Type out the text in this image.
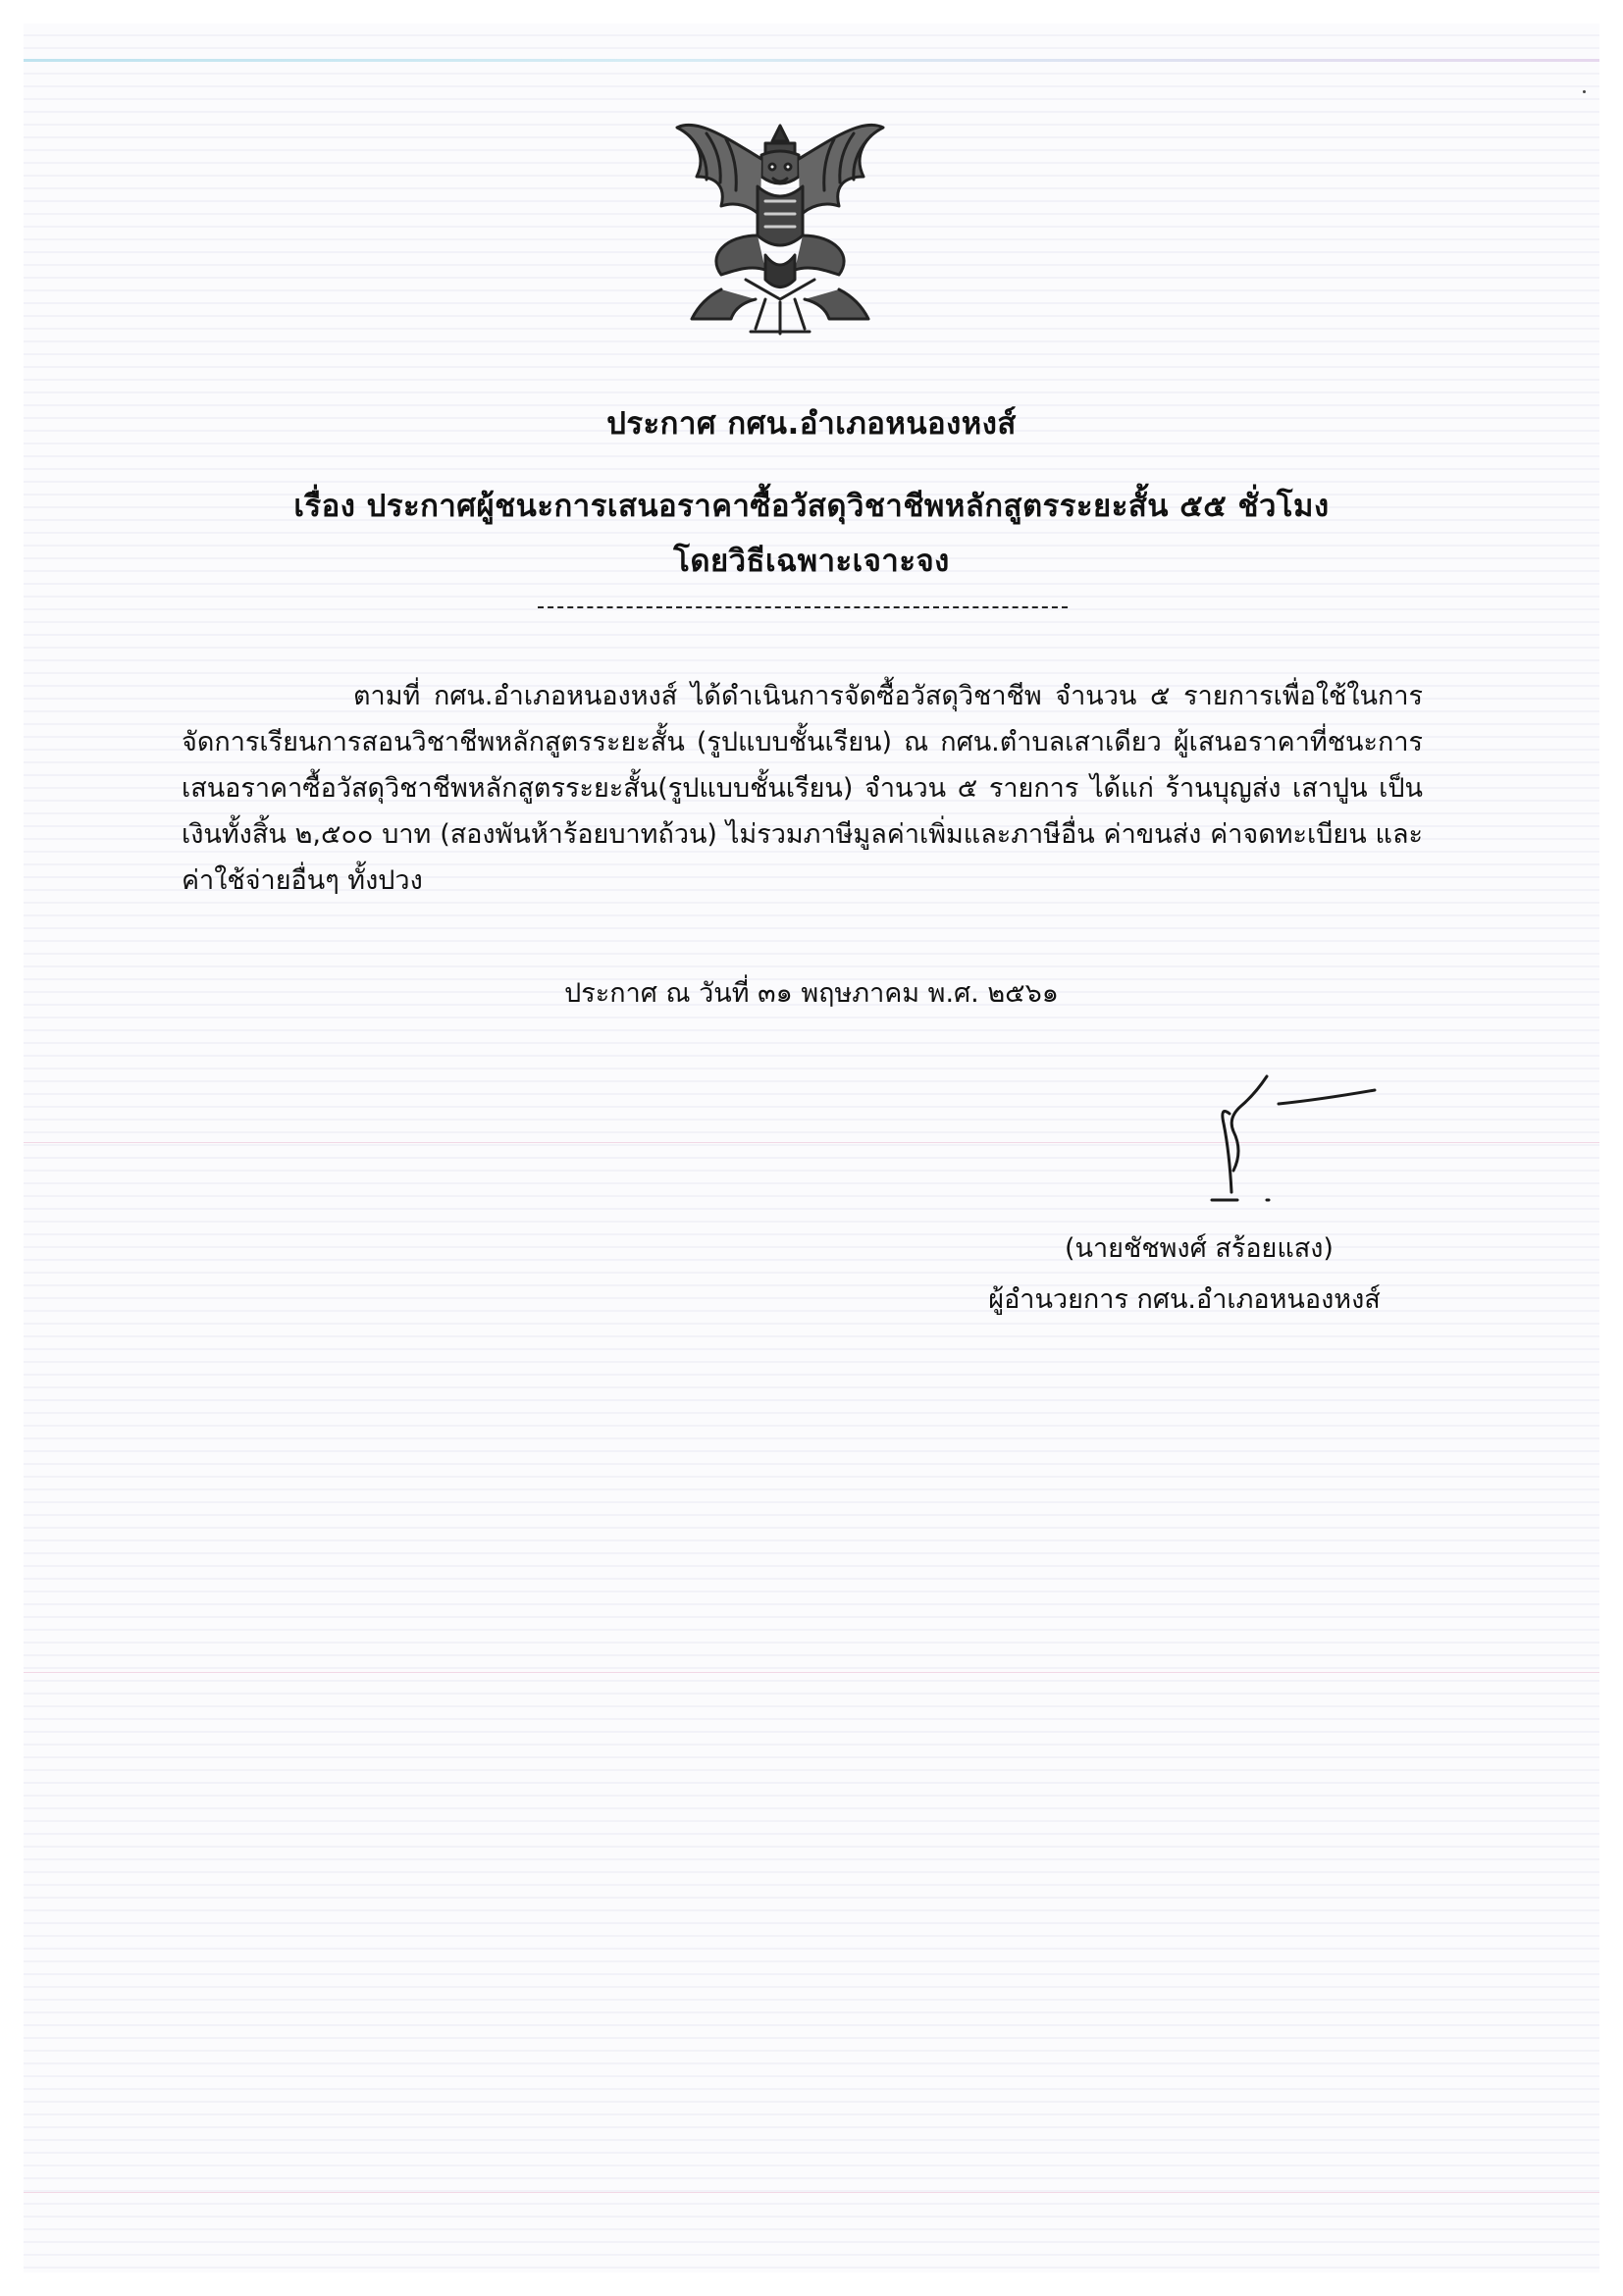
ประกาศ กศน.อำเภอหนองหงส์
เรื่อง ประกาศผู้ชนะการเสนอราคาซื้อวัสดุวิชาชีพหลักสูตรระยะสั้น ๕๕ ชั่วโมง
โดยวิธีเฉพาะเจาะจง

ตามที่ กศน.อำเภอหนองหงส์ ได้ดำเนินการจัดซื้อวัสดุวิชาชีพ จำนวน ๕ รายการเพื่อใช้ในการจัดการเรียนการสอนวิชาชีพหลักสูตรระยะสั้น (รูปแบบชั้นเรียน) ณ กศน.ตำบลเสาเดียว ผู้เสนอราคาที่ชนะการเสนอราคาซื้อวัสดุวิชาชีพหลักสูตรระยะสั้น(รูปแบบชั้นเรียน) จำนวน ๕ รายการ ได้แก่ ร้านบุญส่ง เสาปูน เป็นเงินทั้งสิ้น ๒,๕๐๐ บาท (สองพันห้าร้อยบาทถ้วน) ไม่รวมภาษีมูลค่าเพิ่มและภาษีอื่น ค่าขนส่ง ค่าจดทะเบียน และค่าใช้จ่ายอื่นๆ ทั้งปวง

ประกาศ ณ วันที่ ๓๑ พฤษภาคม พ.ศ. ๒๕๖๑
(นายชัชพงศ์ สร้อยแสง)
ผู้อำนวยการ กศน.อำเภอหนองหงส์
